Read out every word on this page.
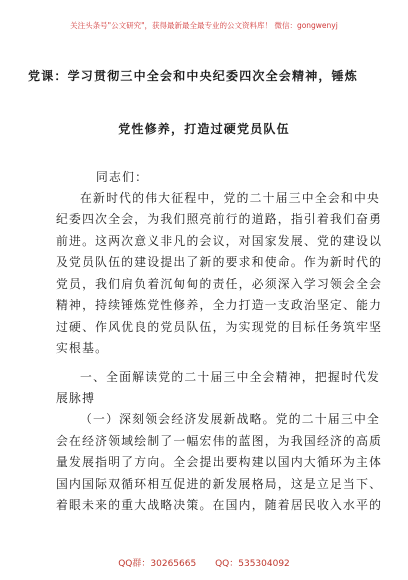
关注头条号"公文研究"，获得最新最全最专业的公文资料库！ 微信：gongwenyj
党课：学习贯彻三中全会和中央纪委四次全会精神，锤炼
党性修养，打造过硬党员队伍
同志们：
在新时代的伟大征程中，党的二十届三中全会和中央
纪委四次全会，为我们照亮前行的道路，指引着我们奋勇
前进。这两次意义非凡的会议，对国家发展、党的建设以
及党员队伍的建设提出了新的要求和使命。作为新时代的
党员，我们肩负着沉甸甸的责任，必须深入学习领会全会
精神，持续锤炼党性修养，全力打造一支政治坚定、能力
过硬、作风优良的党员队伍，为实现党的目标任务筑牢坚
实根基。
一、全面解读党的二十届三中全会精神，把握时代发
展脉搏
（一）深刻领会经济发展新战略。党的二十届三中全
会在经济领域绘制了一幅宏伟的蓝图，为我国经济的高质
量发展指明了方向。全会提出要构建以国内大循环为主体
国内国际双循环相互促进的新发展格局，这是立足当下、
着眼未来的重大战略决策。在国内，随着居民收入水平的
QQ群：30265665 QQ：535304092
